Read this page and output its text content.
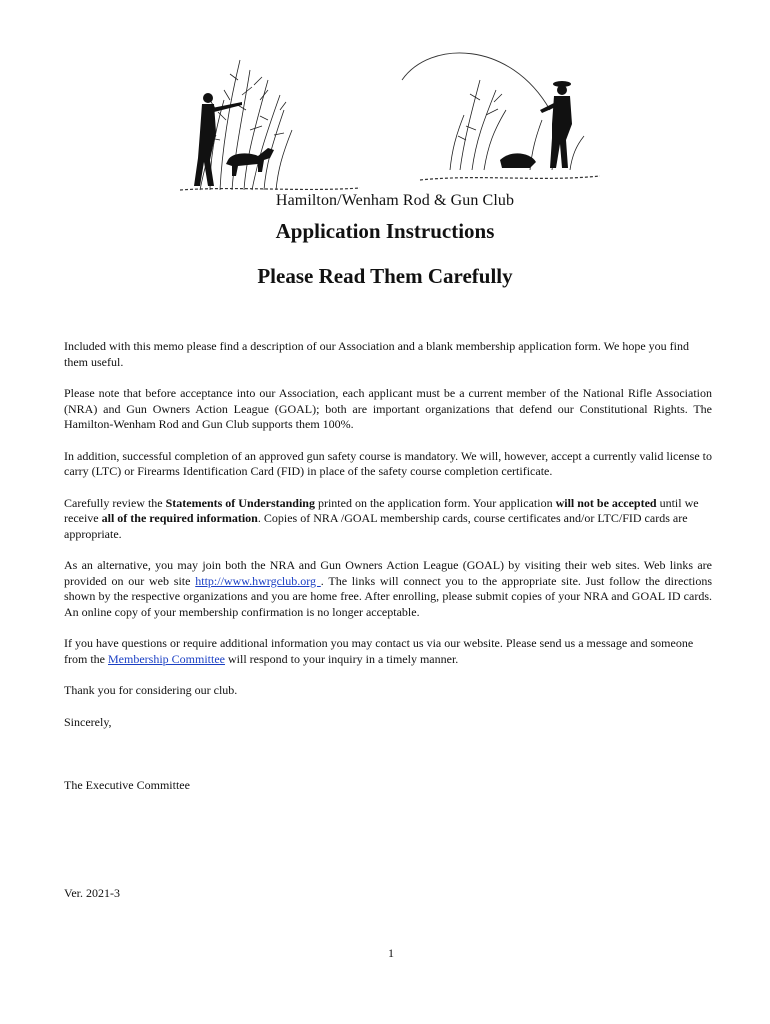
Hamilton/Wenham Rod & Gun Club
Application Instructions
Please Read Them Carefully

Included with this memo please find a description of our Association and a blank membership application form. We hope you find them useful.

Please note that before acceptance into our Association, each applicant must be a current member of the National Rifle Association (NRA) and Gun Owners Action League (GOAL); both are important organizations that defend our Constitutional Rights. The Hamilton-Wenham Rod and Gun Club supports them 100%.

In addition, successful completion of an approved gun safety course is mandatory. We will, however, accept a currently valid license to carry (LTC) or Firearms Identification Card (FID) in place of the safety course completion certificate.

Carefully review the Statements of Understanding printed on the application form. Your application will not be accepted until we receive all of the required information. Copies of NRA /GOAL membership cards, course certificates and/or LTC/FID cards are appropriate.

As an alternative, you may join both the NRA and Gun Owners Action League (GOAL) by visiting their web sites. Web links are provided on our web site http://www.hwrgclub.org . The links will connect you to the appropriate site. Just follow the directions shown by the respective organizations and you are home free. After enrolling, please submit copies of your NRA and GOAL ID cards. An online copy of your membership confirmation is no longer acceptable.

If you have questions or require additional information you may contact us via our website. Please send us a message and someone from the Membership Committee will respond to your inquiry in a timely manner.

Thank you for considering our club.

Sincerely,

The Executive Committee

Ver. 2021-3
1
